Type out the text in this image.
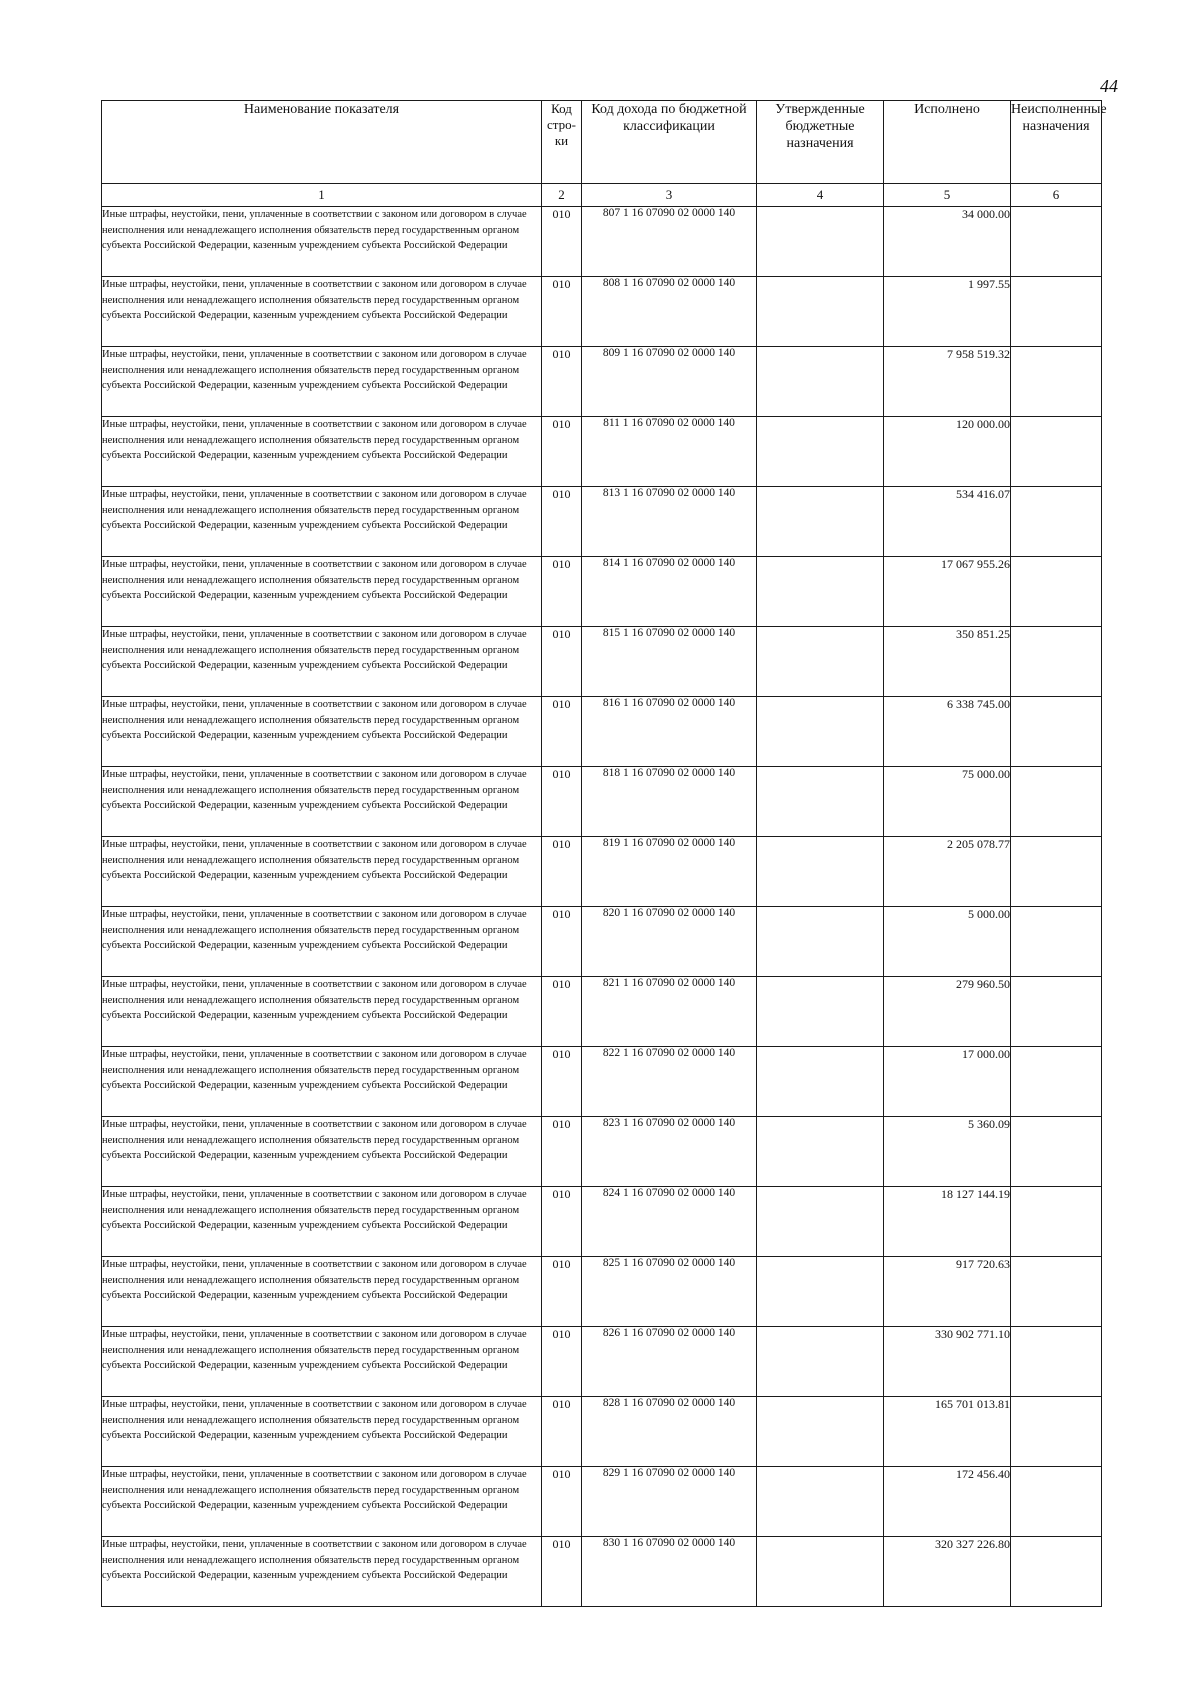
44
Наименование показателя	Код стро- ки	Код дохода по бюджетной классификации	Утвержденные бюджетные назначения	Исполнено	Неисполненные назначения
1	2	3	4	5	6
Иные штрафы, неустойки, пени, уплаченные в соответствии с законом или договором в случае неисполнения или ненадлежащего исполнения обязательств перед государственным органом субъекта Российской Федерации, казенным учреждением субъекта Российской Федерации	010	807 1 16 07090 02 0000 140		34 000.00	
Иные штрафы, неустойки, пени, уплаченные в соответствии с законом или договором в случае неисполнения или ненадлежащего исполнения обязательств перед государственным органом субъекта Российской Федерации, казенным учреждением субъекта Российской Федерации	010	808 1 16 07090 02 0000 140		1 997.55	
Иные штрафы, неустойки, пени, уплаченные в соответствии с законом или договором в случае неисполнения или ненадлежащего исполнения обязательств перед государственным органом субъекта Российской Федерации, казенным учреждением субъекта Российской Федерации	010	809 1 16 07090 02 0000 140		7 958 519.32	
Иные штрафы, неустойки, пени, уплаченные в соответствии с законом или договором в случае неисполнения или ненадлежащего исполнения обязательств перед государственным органом субъекта Российской Федерации, казенным учреждением субъекта Российской Федерации	010	811 1 16 07090 02 0000 140		120 000.00	
Иные штрафы, неустойки, пени, уплаченные в соответствии с законом или договором в случае неисполнения или ненадлежащего исполнения обязательств перед государственным органом субъекта Российской Федерации, казенным учреждением субъекта Российской Федерации	010	813 1 16 07090 02 0000 140		534 416.07	
Иные штрафы, неустойки, пени, уплаченные в соответствии с законом или договором в случае неисполнения или ненадлежащего исполнения обязательств перед государственным органом субъекта Российской Федерации, казенным учреждением субъекта Российской Федерации	010	814 1 16 07090 02 0000 140		17 067 955.26	
Иные штрафы, неустойки, пени, уплаченные в соответствии с законом или договором в случае неисполнения или ненадлежащего исполнения обязательств перед государственным органом субъекта Российской Федерации, казенным учреждением субъекта Российской Федерации	010	815 1 16 07090 02 0000 140		350 851.25	
Иные штрафы, неустойки, пени, уплаченные в соответствии с законом или договором в случае неисполнения или ненадлежащего исполнения обязательств перед государственным органом субъекта Российской Федерации, казенным учреждением субъекта Российской Федерации	010	816 1 16 07090 02 0000 140		6 338 745.00	
Иные штрафы, неустойки, пени, уплаченные в соответствии с законом или договором в случае неисполнения или ненадлежащего исполнения обязательств перед государственным органом субъекта Российской Федерации, казенным учреждением субъекта Российской Федерации	010	818 1 16 07090 02 0000 140		75 000.00	
Иные штрафы, неустойки, пени, уплаченные в соответствии с законом или договором в случае неисполнения или ненадлежащего исполнения обязательств перед государственным органом субъекта Российской Федерации, казенным учреждением субъекта Российской Федерации	010	819 1 16 07090 02 0000 140		2 205 078.77	
Иные штрафы, неустойки, пени, уплаченные в соответствии с законом или договором в случае неисполнения или ненадлежащего исполнения обязательств перед государственным органом субъекта Российской Федерации, казенным учреждением субъекта Российской Федерации	010	820 1 16 07090 02 0000 140		5 000.00	
Иные штрафы, неустойки, пени, уплаченные в соответствии с законом или договором в случае неисполнения или ненадлежащего исполнения обязательств перед государственным органом субъекта Российской Федерации, казенным учреждением субъекта Российской Федерации	010	821 1 16 07090 02 0000 140		279 960.50	
Иные штрафы, неустойки, пени, уплаченные в соответствии с законом или договором в случае неисполнения или ненадлежащего исполнения обязательств перед государственным органом субъекта Российской Федерации, казенным учреждением субъекта Российской Федерации	010	822 1 16 07090 02 0000 140		17 000.00	
Иные штрафы, неустойки, пени, уплаченные в соответствии с законом или договором в случае неисполнения или ненадлежащего исполнения обязательств перед государственным органом субъекта Российской Федерации, казенным учреждением субъекта Российской Федерации	010	823 1 16 07090 02 0000 140		5 360.09	
Иные штрафы, неустойки, пени, уплаченные в соответствии с законом или договором в случае неисполнения или ненадлежащего исполнения обязательств перед государственным органом субъекта Российской Федерации, казенным учреждением субъекта Российской Федерации	010	824 1 16 07090 02 0000 140		18 127 144.19	
Иные штрафы, неустойки, пени, уплаченные в соответствии с законом или договором в случае неисполнения или ненадлежащего исполнения обязательств перед государственным органом субъекта Российской Федерации, казенным учреждением субъекта Российской Федерации	010	825 1 16 07090 02 0000 140		917 720.63	
Иные штрафы, неустойки, пени, уплаченные в соответствии с законом или договором в случае неисполнения или ненадлежащего исполнения обязательств перед государственным органом субъекта Российской Федерации, казенным учреждением субъекта Российской Федерации	010	826 1 16 07090 02 0000 140		330 902 771.10	
Иные штрафы, неустойки, пени, уплаченные в соответствии с законом или договором в случае неисполнения или ненадлежащего исполнения обязательств перед государственным органом субъекта Российской Федерации, казенным учреждением субъекта Российской Федерации	010	828 1 16 07090 02 0000 140		165 701 013.81	
Иные штрафы, неустойки, пени, уплаченные в соответствии с законом или договором в случае неисполнения или ненадлежащего исполнения обязательств перед государственным органом субъекта Российской Федерации, казенным учреждением субъекта Российской Федерации	010	829 1 16 07090 02 0000 140		172 456.40	
Иные штрафы, неустойки, пени, уплаченные в соответствии с законом или договором в случае неисполнения или ненадлежащего исполнения обязательств перед государственным органом субъекта Российской Федерации, казенным учреждением субъекта Российской Федерации	010	830 1 16 07090 02 0000 140		320 327 226.80	
